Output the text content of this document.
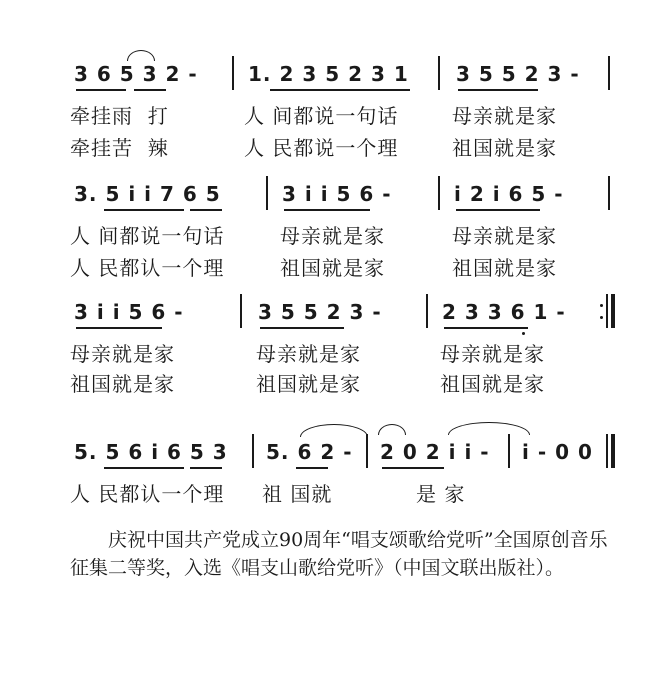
3 6 5 3 2 -	1. 2 3 5 2 3 1 3 5 5 2 3 -
牵挂雨  打	人 间都说一句话	母亲就是家
牵挂苦  辣	人 民都说一个理	祖国就是家
3. 5 i i 7 6 5	3 i i 5 6 -	i 2 i 6 5 -
人 间都说一句话	母亲就是家	母亲就是家
人 民都认一个理	祖国就是家	祖国就是家
3 i i 5 6 -	3 5 5 2 3 -	2 3 3 6 1 -
母亲就是家	母亲就是家	母亲就是家
祖国就是家	祖国就是家	祖国就是家
5. 5 6 i 6 5 3 5. 6 2 - 2 0 2 i i - i - 0 0
人 民都认一个理 祖 国就	是 家
庆祝中国共产党成立90周年“唱支颂歌给党听”全国原创音乐征集二等奖，入选《唱支山歌给党听》（中国文联出版社）。
